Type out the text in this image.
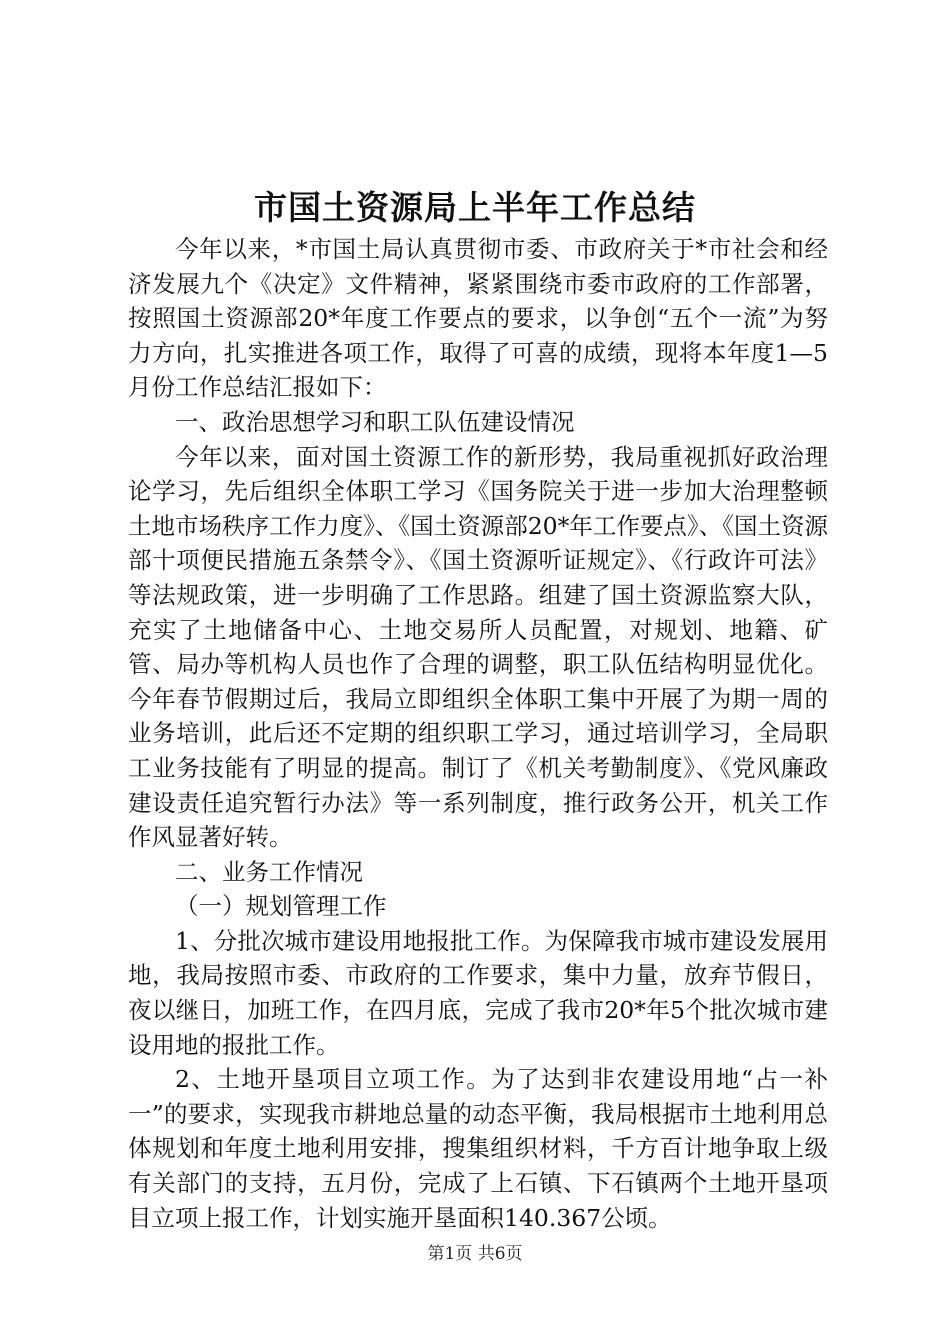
市国土资源局上半年工作总结

今年以来，*市国土局认真贯彻市委、市政府关于*市社会和经济发展九个《决定》文件精神，紧紧围绕市委市政府的工作部署，按照国土资源部20*年度工作要点的要求，以争创“五个一流”为努力方向，扎实推进各项工作，取得了可喜的成绩，现将本年度1—5月份工作总结汇报如下：

一、政治思想学习和职工队伍建设情况

今年以来，面对国土资源工作的新形势，我局重视抓好政治理论学习，先后组织全体职工学习《国务院关于进一步加大治理整顿土地市场秩序工作力度》、《国土资源部20*年工作要点》、《国土资源部十项便民措施五条禁令》、《国土资源听证规定》、《行政许可法》等法规政策，进一步明确了工作思路。组建了国土资源监察大队，充实了土地储备中心、土地交易所人员配置，对规划、地籍、矿管、局办等机构人员也作了合理的调整，职工队伍结构明显优化。今年春节假期过后，我局立即组织全体职工集中开展了为期一周的业务培训，此后还不定期的组织职工学习，通过培训学习，全局职工业务技能有了明显的提高。制订了《机关考勤制度》、《党风廉政建设责任追究暂行办法》等一系列制度，推行政务公开，机关工作作风显著好转。

二、业务工作情况

（一）规划管理工作

1、分批次城市建设用地报批工作。为保障我市城市建设发展用地，我局按照市委、市政府的工作要求，集中力量，放弃节假日，夜以继日，加班工作，在四月底，完成了我市20*年5个批次城市建设用地的报批工作。

2、土地开垦项目立项工作。为了达到非农建设用地“占一补一”的要求，实现我市耕地总量的动态平衡，我局根据市土地利用总体规划和年度土地利用安排，搜集组织材料，千方百计地争取上级有关部门的支持，五月份，完成了上石镇、下石镇两个土地开垦项目立项上报工作，计划实施开垦面积140.367公顷。

第1页 共6页
